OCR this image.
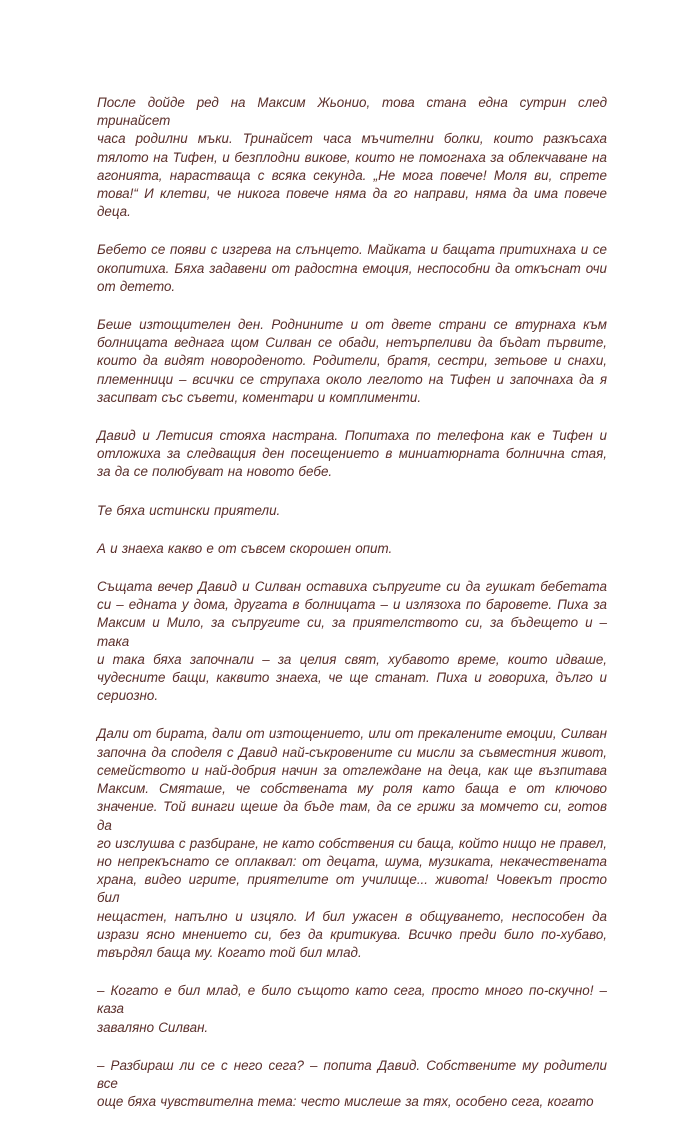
После дойде ред на Максим Жьонио, това стана една сутрин след тринайсет
часа родилни мъки. Тринайсет часа мъчителни болки, които разкъсаха
тялото на Тифен, и безплодни викове, които не помогнаха за облекчаване на
агонията, нарастваща с всяка секунда. „Не мога повече! Моля ви, спрете
това!“ И клетви, че никога повече няма да го направи, няма да има повече
деца.

Бебето се появи с изгрева на слънцето. Майката и бащата притихнаха и се
окопитиха. Бяха задавени от радостна емоция, неспособни да откъснат очи
от детето.

Беше изтощителен ден. Роднините и от двете страни се втурнаха към
болницата веднага щом Силван се обади, нетърпеливи да бъдат първите,
които да видят новороденото. Родители, братя, сестри, зетьове и снахи,
племенници – всички се струпаха около леглото на Тифен и започнаха да я
засипват със съвети, коментари и комплименти.

Давид и Летисия стояха настрана. Попитаха по телефона как е Тифен и
отложиха за следващия ден посещението в миниатюрната болнична стая,
за да се полюбуват на новото бебе.

Те бяха истински приятели.

А и знаеха какво е от съвсем скорошен опит.

Същата вечер Давид и Силван оставиха съпругите си да гушкат бебетата
си – едната у дома, другата в болницата – и излязоха по баровете. Пиха за
Максим и Мило, за съпругите си, за приятелството си, за бъдещето и – така
и така бяха започнали – за целия свят, хубавото време, които идваше,
чудесните бащи, каквито знаеха, че ще станат. Пиха и говориха, дълго и
сериозно.

Дали от бирата, дали от изтощението, или от прекалените емоции, Силван
започна да споделя с Давид най-съкровените си мисли за съвместния живот,
семейството и най-добрия начин за отглеждане на деца, как ще възпитава
Максим. Смяташе, че собствената му роля като баща е от ключово
значение. Той винаги щеше да бъде там, да се грижи за момчето си, готов да
го изслушва с разбиране, не като собствения си баща, който нищо не правел,
но непрекъснато се оплаквал: от децата, шума, музиката, некачествената
храна, видео игрите, приятелите от училище... живота! Човекът просто бил
нещастен, напълно и изцяло. И бил ужасен в общуването, неспособен да
изрази ясно мнението си, без да критикува. Всичко преди било по-хубаво,
твърдял баща му. Когато той бил млад.

– Когато е бил млад, е било същото като сега, просто много по-скучно! – каза
заваляно Силван.

– Разбираш ли се с него сега? – попита Давид. Собствените му родители все
още бяха чувствителна тема: често мислеше за тях, особено сега, когато
